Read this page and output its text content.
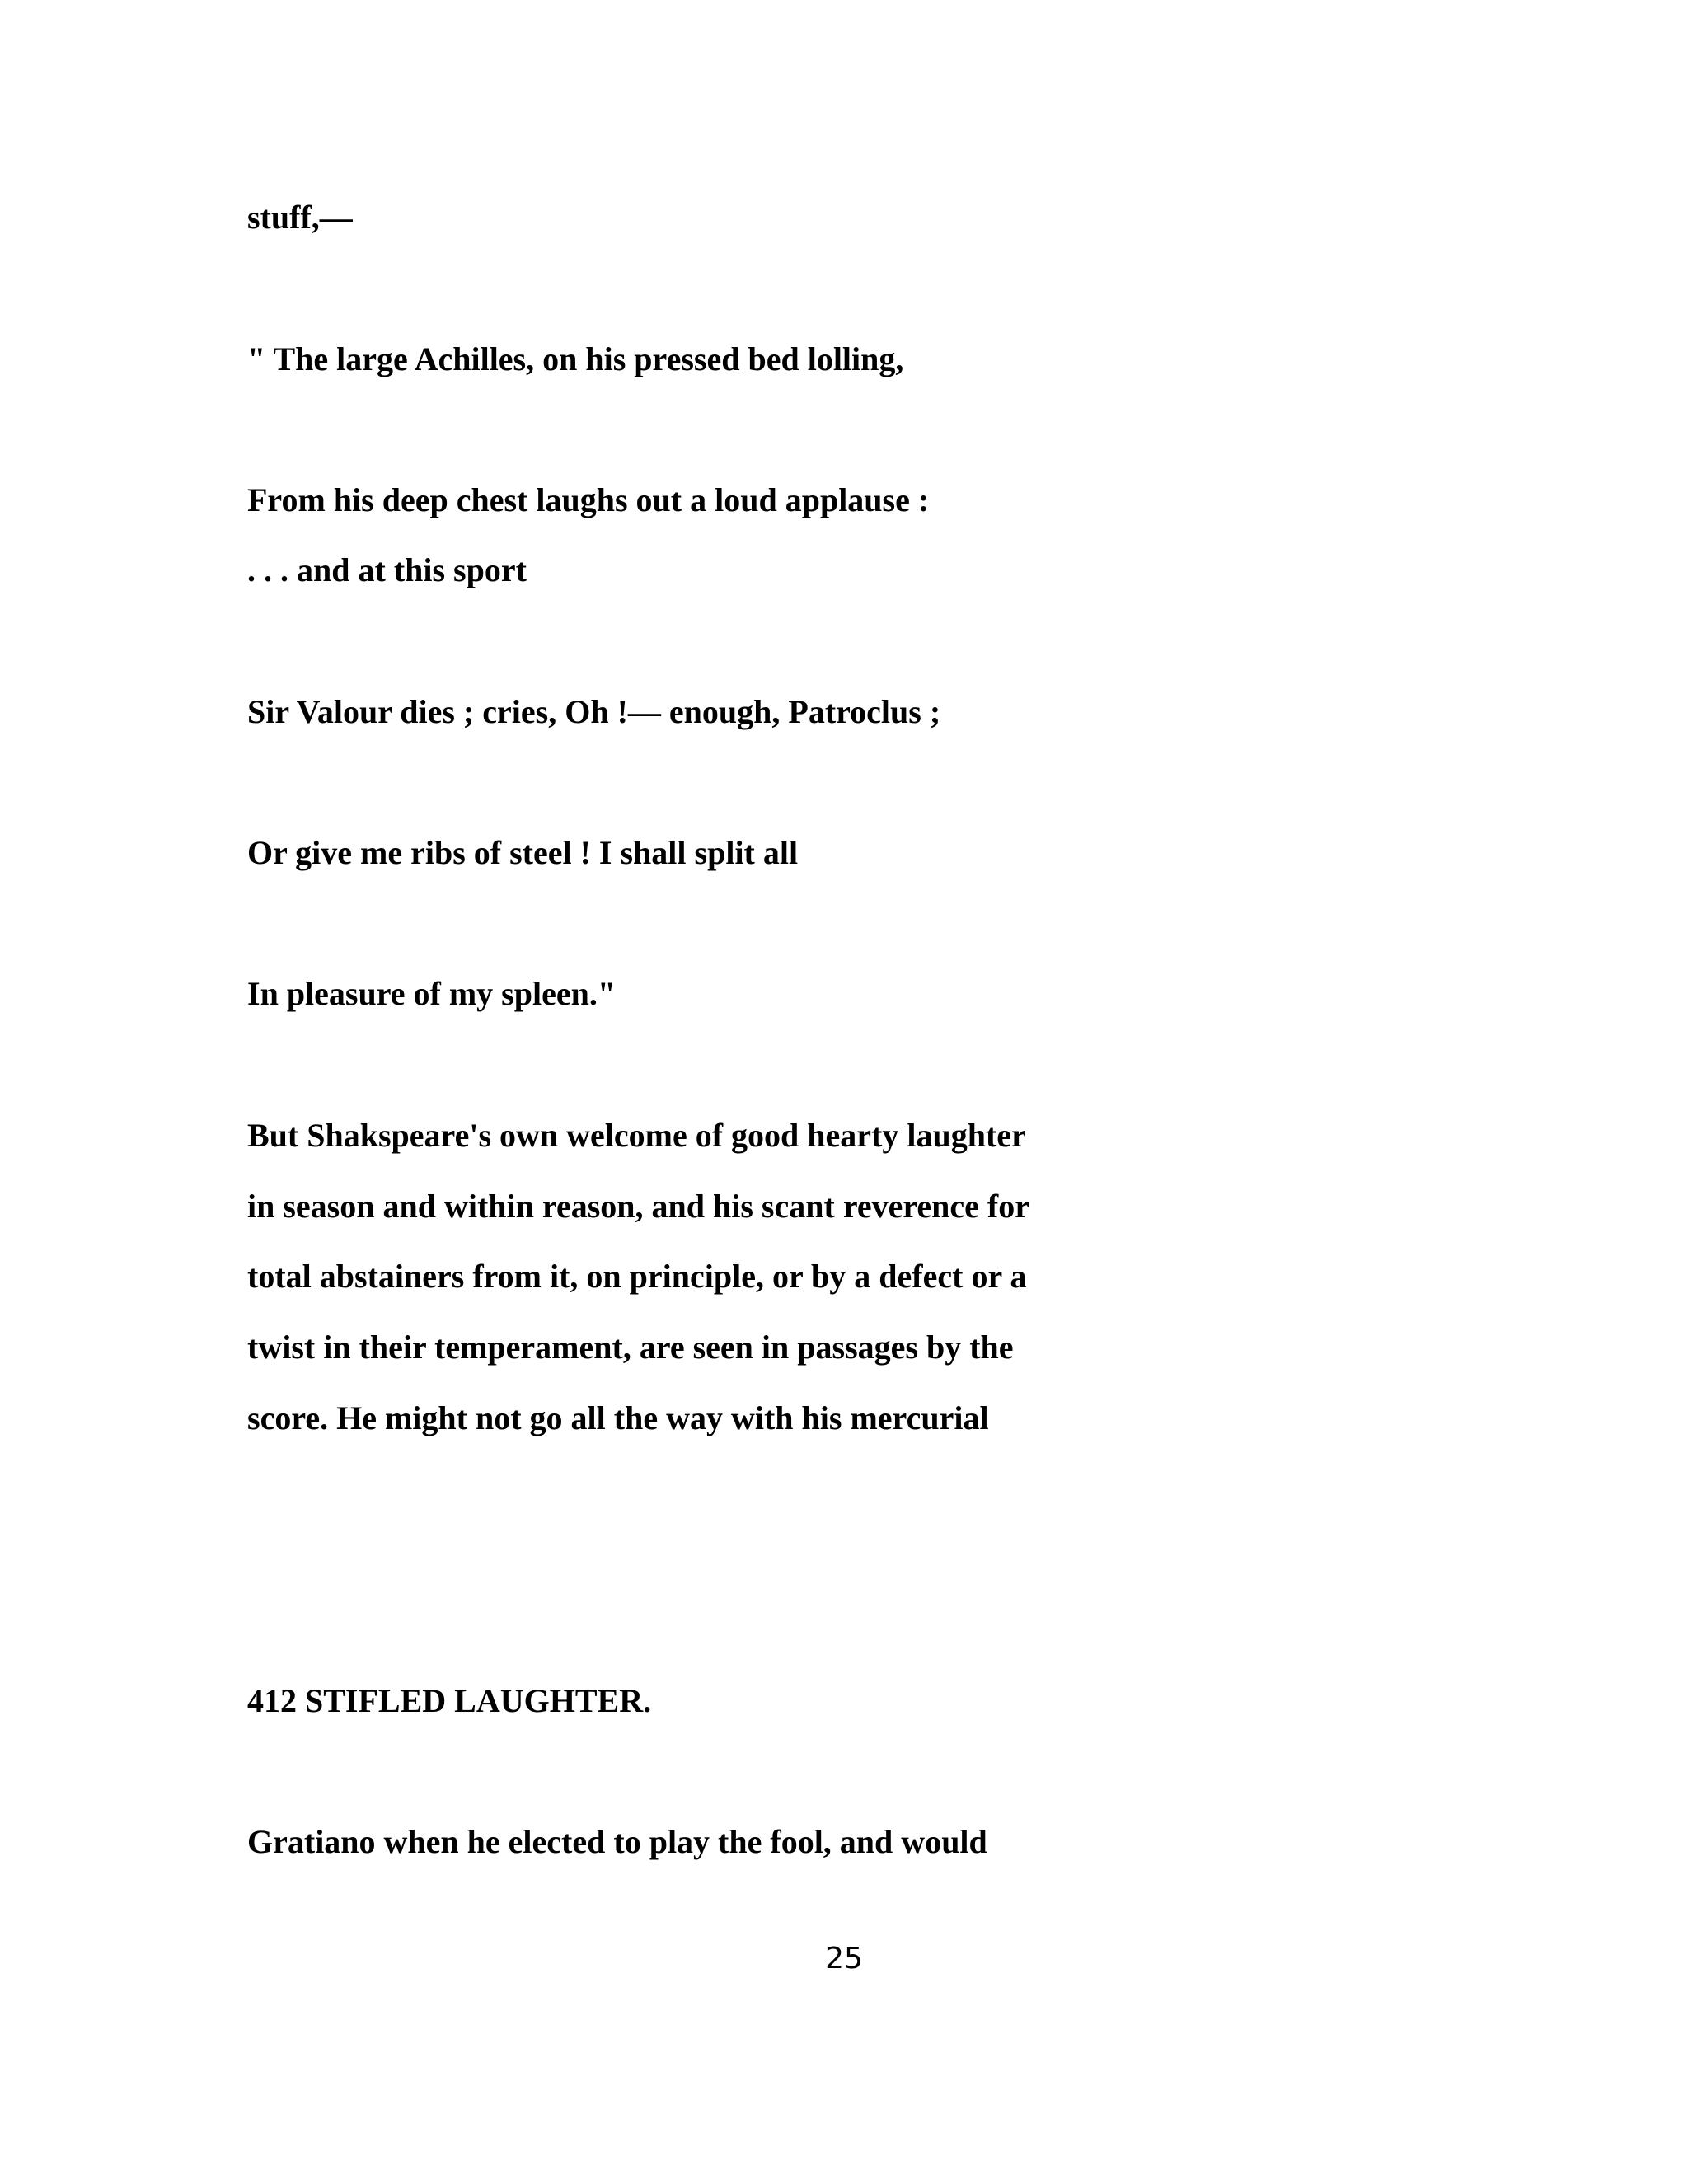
stuff,—

" The large Achilles, on his pressed bed lolling,

From his deep chest laughs out a loud applause :

. . . and at this sport

Sir Valour dies ; cries, Oh !— enough, Patroclus ;

Or give me ribs of steel ! I shall split all

In pleasure of my spleen."

But Shakspeare's own welcome of good hearty laughter

in season and within reason, and his scant reverence for

total abstainers from it, on principle, or by a defect or a

twist in their temperament, are seen in passages by the

score. He might not go all the way with his mercurial

412 STIFLED LAUGHTER.

Gratiano when he elected to play the fool, and would

25
